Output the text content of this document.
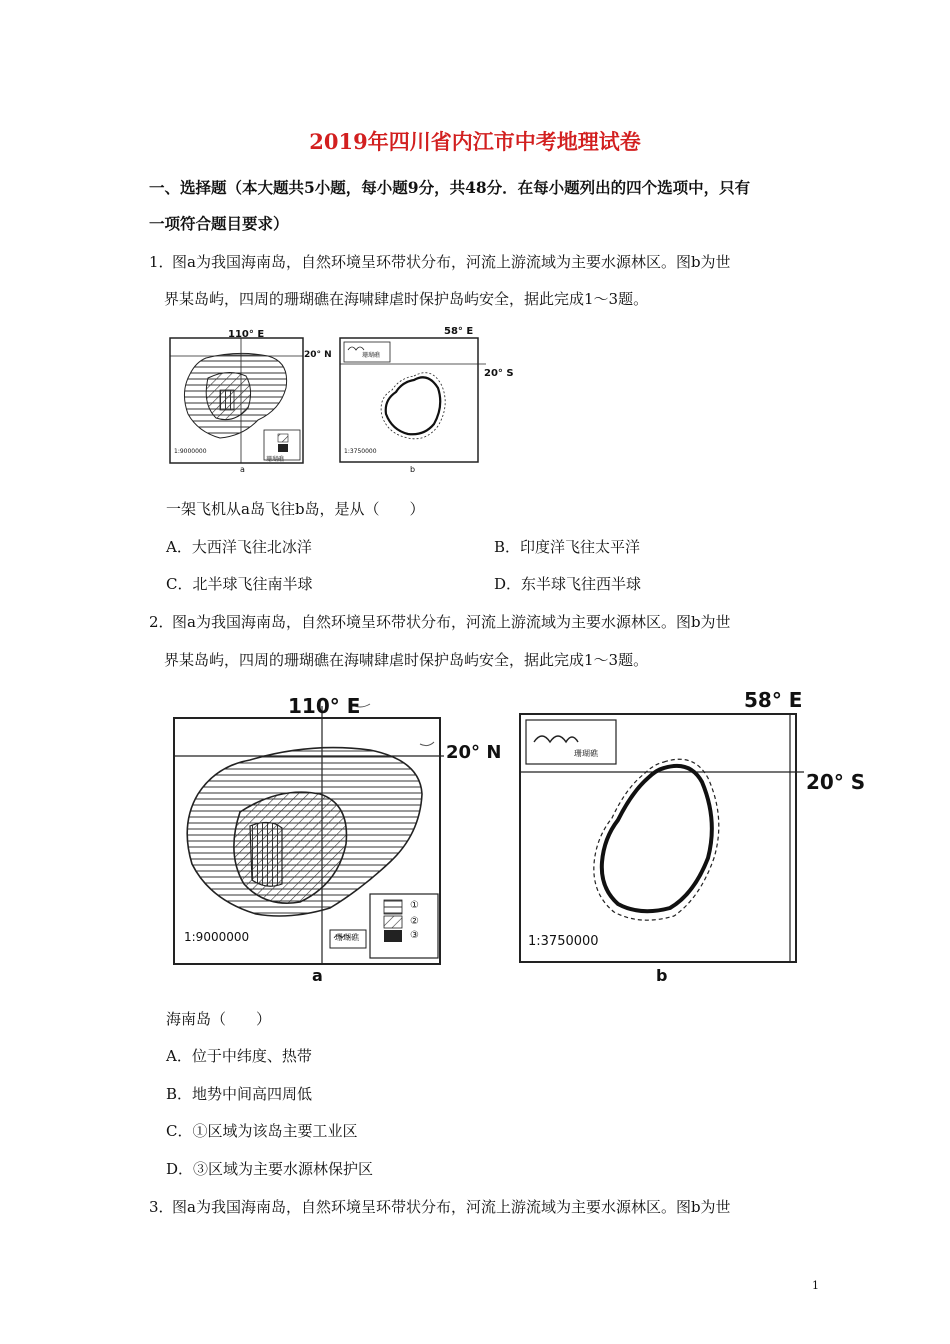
2019年四川省内江市中考地理试卷
一、选择题（本大题共5小题，每小题9分，共48分．在每小题列出的四个选项中，只有
一项符合题目要求）
1．
图a为我国海南岛，自然环境呈环带状分布，河流上游流域为主要水源林区。图b为世
界某岛屿，四周的珊瑚礁在海啸肆虐时保护岛屿安全，据此完成1～3题。
110° E
20° N
1:9000000
珊瑚礁
a
58° E
20° S
珊瑚礁
1:3750000
b
一架飞机从a岛飞往b岛，是从（　　）
A．大西洋飞往北冰洋	B．印度洋飞往太平洋
C．北半球飞往南半球	D．东半球飞往西半球
2．
图a为我国海南岛，自然环境呈环带状分布，河流上游流域为主要水源林区。图b为世
界某岛屿，四周的珊瑚礁在海啸肆虐时保护岛屿安全，据此完成1～3题。
110° E
20° N
1:9000000	珊瑚礁
①
②
③
a
58° E
20° S
珊瑚礁
1:3750000
b
海南岛（　　）
A．位于中纬度、热带
B．地势中间高四周低
C．①区域为该岛主要工业区
D．③区域为主要水源林保护区
3．
图a为我国海南岛，自然环境呈环带状分布，河流上游流域为主要水源林区。图b为世
1
